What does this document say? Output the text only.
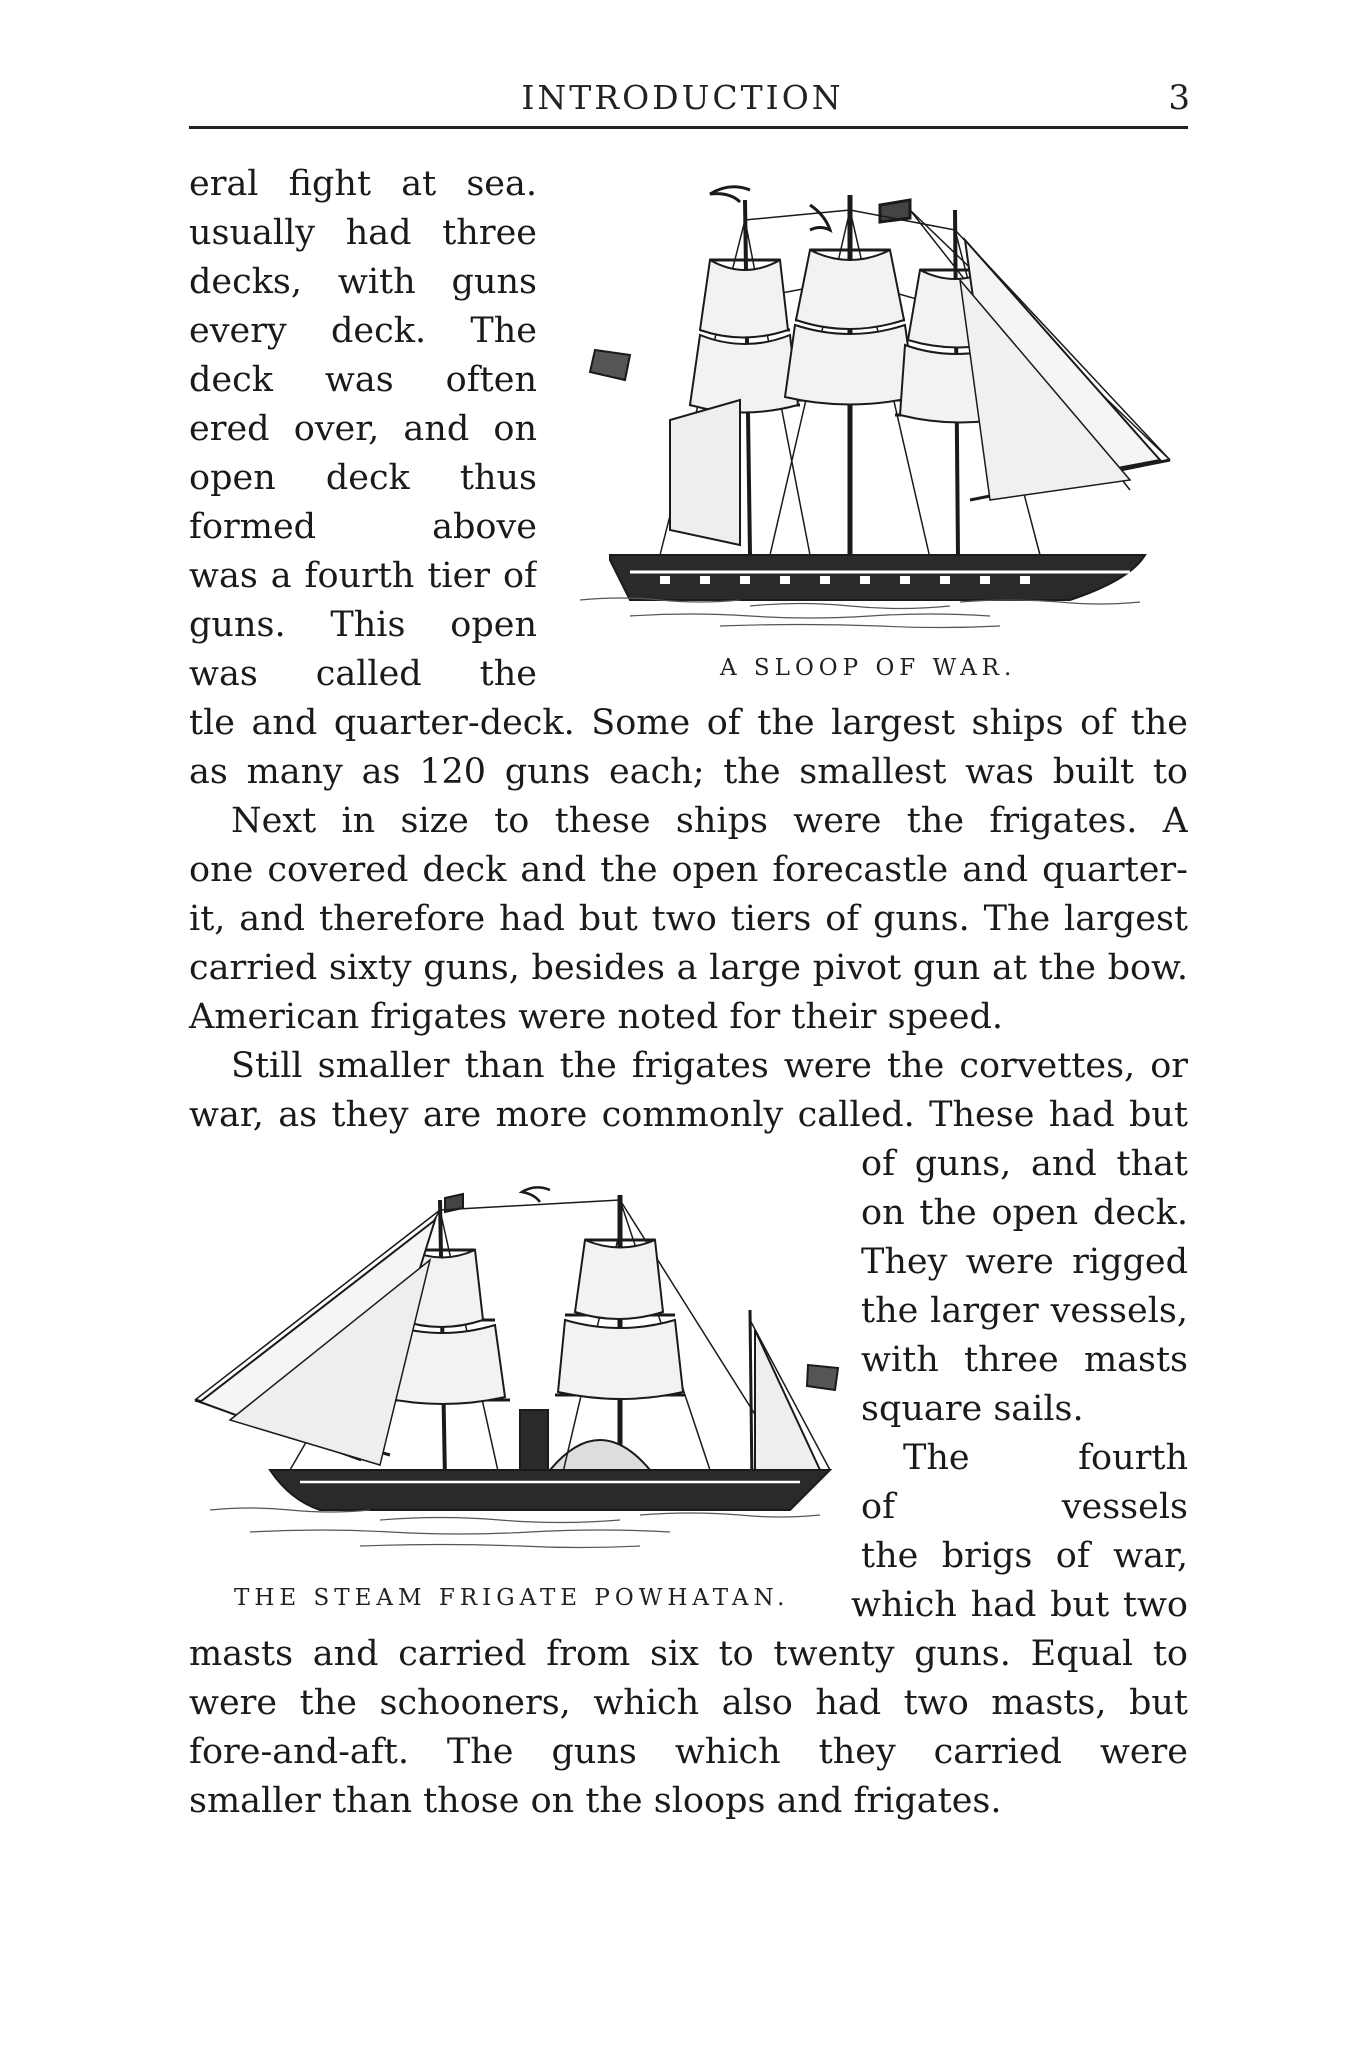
INTRODUCTION	3
eral fight at sea.
usually had three
decks, with guns
every deck. The
deck was often
ered over, and on
open deck thus
formed above
was a fourth tier of
guns. This open
was called the	A SLOOP OF WAR.
tle and quarter-deck. Some of the largest ships of the
as many as 120 guns each; the smallest was built to
Next in size to these ships were the frigates. A
one covered deck and the open forecastle and quarter-
it, and therefore had but two tiers of guns. The largest
carried sixty guns, besides a large pivot gun at the bow.
American frigates were noted for their speed.
Still smaller than the frigates were the corvettes, or
war, as they are more commonly called. These had but
of guns, and that
on the open deck.
They were rigged
the larger vessels,
with three masts
square sails.
The fourth
of vessels
the brigs of war,
which had but two
THE STEAM FRIGATE POWHATAN.
masts and carried from six to twenty guns. Equal to
were the schooners, which also had two masts, but
fore-and-aft. The guns which they carried were
smaller than those on the sloops and frigates.
